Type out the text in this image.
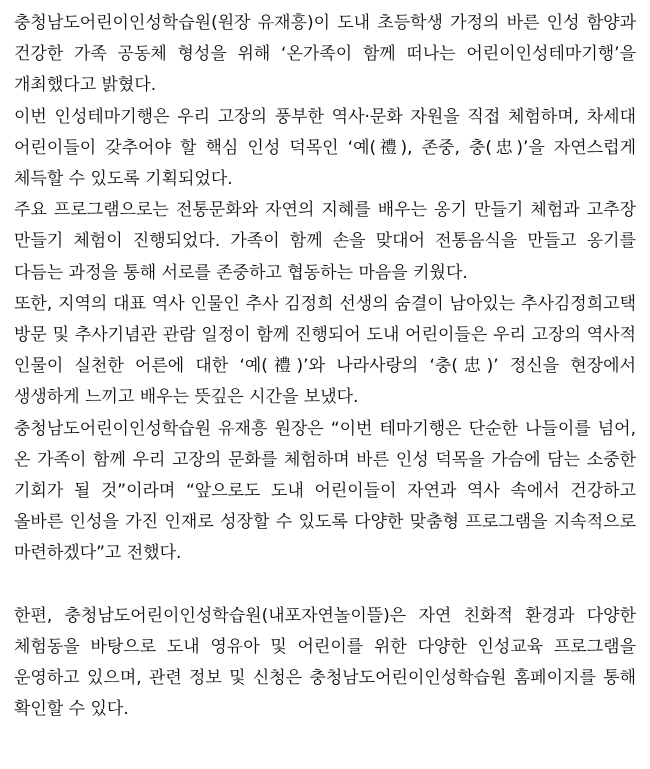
충청남도어린이인성학습원(원장 유재흥)이 도내 초등학생 가정의 바른 인성 함양과 건강한 가족 공동체 형성을 위해 ‘온가족이 함께 떠나는 어린이인성테마기행’을 개최했다고 밝혔다.

이번 인성테마기행은 우리 고장의 풍부한 역사·문화 자원을 직접 체험하며, 차세대 어린이들이 갖추어야 할 핵심 인성 덕목인 ‘예(禮), 존중, 충(忠)’을 자연스럽게 체득할 수 있도록 기획되었다.

주요 프로그램으로는 전통문화와 자연의 지혜를 배우는 옹기 만들기 체험과 고추장 만들기 체험이 진행되었다. 가족이 함께 손을 맞대어 전통음식을 만들고 옹기를 다듬는 과정을 통해 서로를 존중하고 협동하는 마음을 키웠다.

또한, 지역의 대표 역사 인물인 추사 김정희 선생의 숨결이 남아있는 추사김정희고택 방문 및 추사기념관 관람 일정이 함께 진행되어 도내 어린이들은 우리 고장의 역사적 인물이 실천한 어른에 대한 ‘예(禮)’와 나라사랑의 ‘충(忠)’ 정신을 현장에서 생생하게 느끼고 배우는 뜻깊은 시간을 보냈다.

충청남도어린이인성학습원 유재흥 원장은 “이번 테마기행은 단순한 나들이를 넘어, 온 가족이 함께 우리 고장의 문화를 체험하며 바른 인성 덕목을 가슴에 담는 소중한 기회가 될 것”이라며 “앞으로도 도내 어린이들이 자연과 역사 속에서 건강하고 올바른 인성을 가진 인재로 성장할 수 있도록 다양한 맞춤형 프로그램을 지속적으로 마련하겠다”고 전했다.

한편, 충청남도어린이인성학습원(내포자연놀이뜰)은 자연 친화적 환경과 다양한 체험동을 바탕으로 도내 영유아 및 어린이를 위한 다양한 인성교육 프로그램을 운영하고 있으며, 관련 정보 및 신청은 충청남도어린이인성학습원 홈페이지를 통해 확인할 수 있다.
